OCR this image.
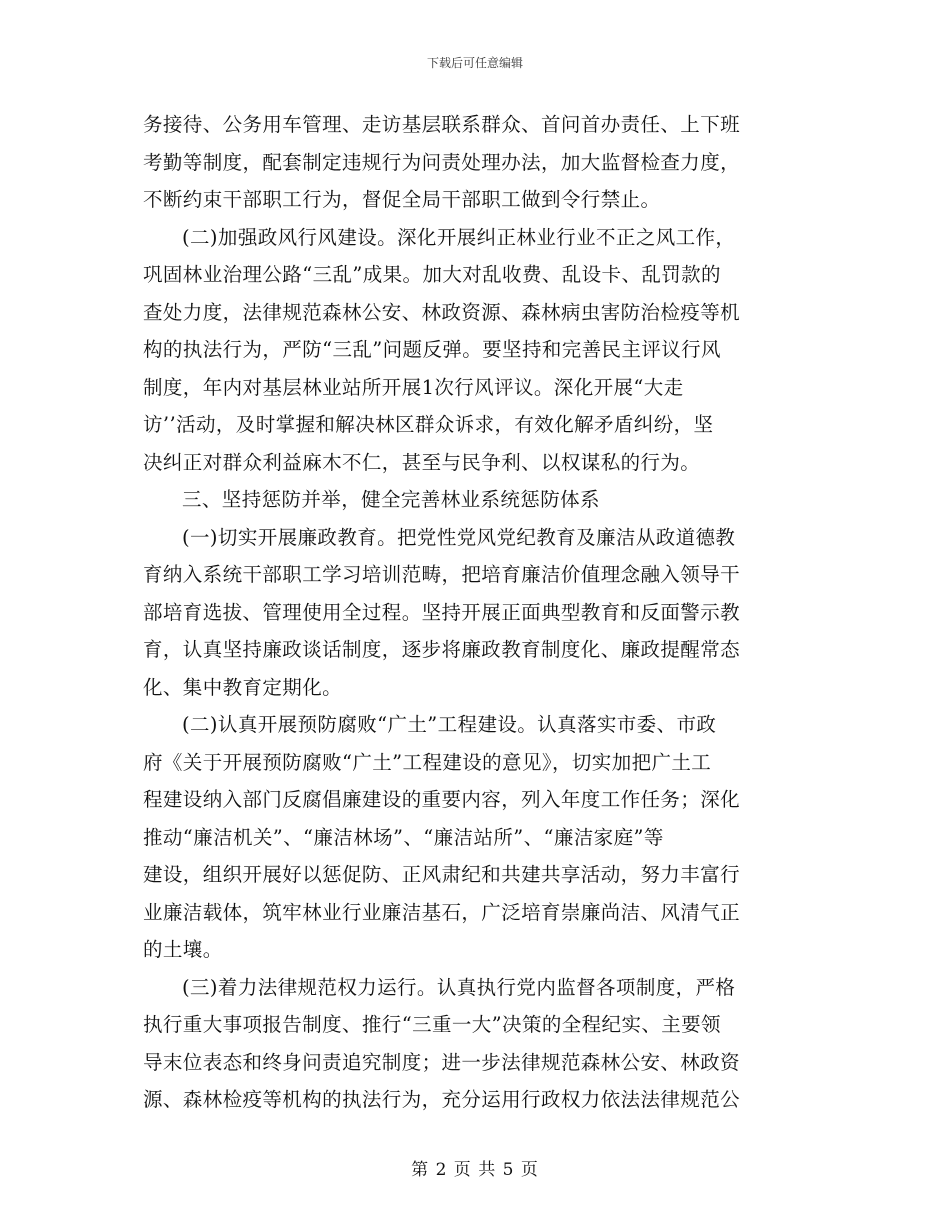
下载后可任意编辑

务接待、公务用车管理、走访基层联系群众、首问首办责任、上下班
考勤等制度，配套制定违规行为问责处理办法，加大监督检查力度，
不断约束干部职工行为，督促全局干部职工做到令行禁止。

(二)加强政风行风建设。深化开展纠正林业行业不正之风工作，
巩固林业治理公路“三乱”成果。加大对乱收费、乱设卡、乱罚款的
查处力度，法律规范森林公安、林政资源、森林病虫害防治检疫等机
构的执法行为，严防“三乱”问题反弹。要坚持和完善民主评议行风
制度，年内对基层林业站所开展1次行风评议。深化开展“大走
访’’活动，及时掌握和解决林区群众诉求，有效化解矛盾纠纷，坚
决纠正对群众利益麻木不仁，甚至与民争利、以权谋私的行为。

三、坚持惩防并举，健全完善林业系统惩防体系

(一)切实开展廉政教育。把党性党风党纪教育及廉洁从政道德教
育纳入系统干部职工学习培训范畴，把培育廉洁价值理念融入领导干
部培育选拔、管理使用全过程。坚持开展正面典型教育和反面警示教
育，认真坚持廉政谈话制度，逐步将廉政教育制度化、廉政提醒常态
化、集中教育定期化。

(二)认真开展预防腐败“广土”工程建设。认真落实市委、市政
府《关于开展预防腐败“广土”工程建设的意见》，切实加把广土工
程建设纳入部门反腐倡廉建设的重要内容，列入年度工作任务；深化
推动“廉洁机关”、“廉洁林场”、“廉洁站所”、“廉洁家庭”等
建设，组织开展好以惩促防、正风肃纪和共建共享活动，努力丰富行
业廉洁载体，筑牢林业行业廉洁基石，广泛培育崇廉尚洁、风清气正
的土壤。

(三)着力法律规范权力运行。认真执行党内监督各项制度，严格
执行重大事项报告制度、推行“三重一大”决策的全程纪实、主要领
导末位表态和终身问责追究制度；进一步法律规范森林公安、林政资
源、森林检疫等机构的执法行为，充分运用行政权力依法法律规范公

第 2 页 共 5 页
